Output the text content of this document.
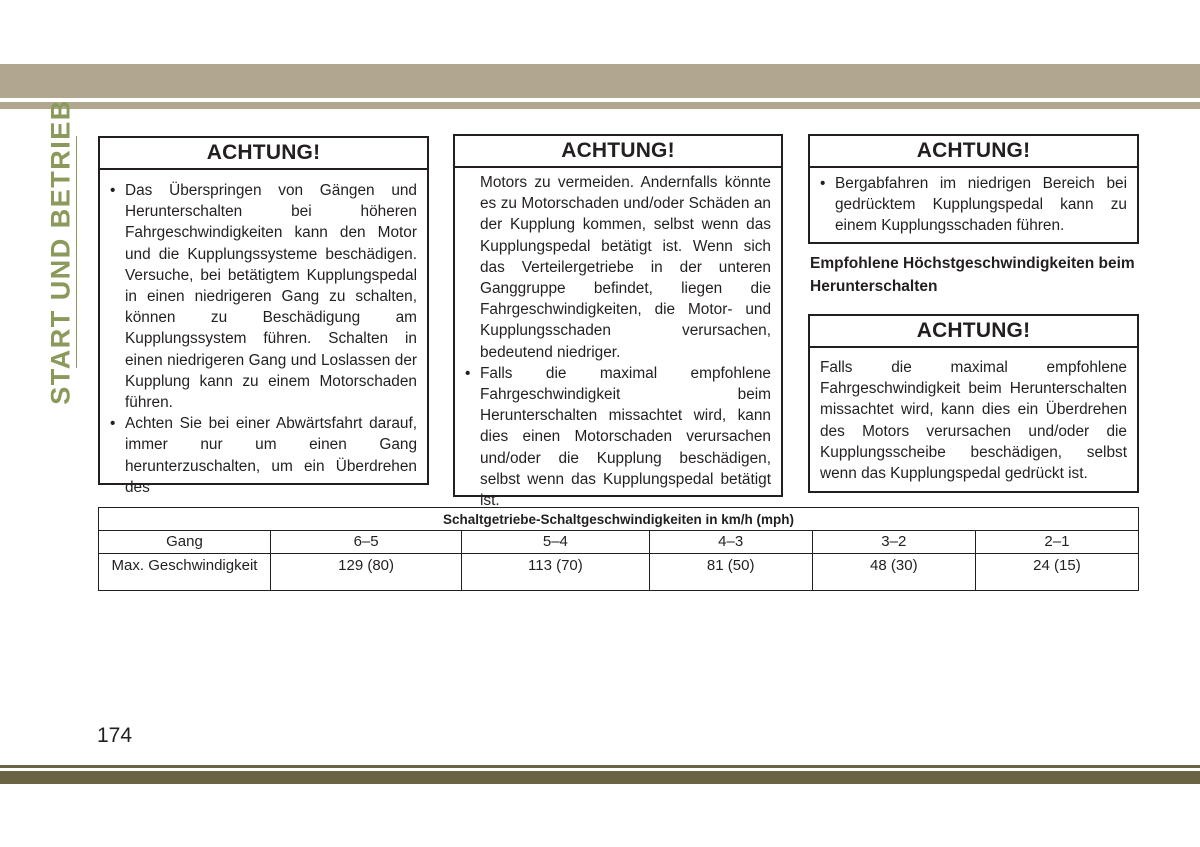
START UND BETRIEB	ACHTUNG!
• Das Überspringen von Gängen und Herunterschalten bei höheren Fahrgeschwindigkeiten kann den Motor und die Kupplungssysteme beschädigen. Versuche, bei betätigtem Kupplungspedal in einen niedrigeren Gang zu schalten, können zu Beschädigung am Kupplungssystem führen. Schalten in einen niedrigeren Gang und Loslassen der Kupplung kann zu einem Motorschaden führen.
• Achten Sie bei einer Abwärtsfahrt darauf, immer nur um einen Gang herunterzuschalten, um ein Überdrehen des
ACHTUNG!
Motors zu vermeiden. Andernfalls könnte es zu Motorschaden und/oder Schäden an der Kupplung kommen, selbst wenn das Kupplungspedal betätigt ist. Wenn sich das Verteilergetriebe in der unteren Ganggruppe befindet, liegen die Fahrgeschwindigkeiten, die Motor- und Kupplungsschaden verursachen, bedeutend niedriger.
• Falls die maximal empfohlene Fahrgeschwindigkeit beim Herunterschalten missachtet wird, kann dies einen Motorschaden verursachen und/oder die Kupplung beschädigen, selbst wenn das Kupplungspedal betätigt ist.
ACHTUNG!
• Bergabfahren im niedrigen Bereich bei gedrücktem Kupplungspedal kann zu einem Kupplungsschaden führen.
Empfohlene Höchstgeschwindigkeiten beim Herunterschalten
ACHTUNG!
Falls die maximal empfohlene Fahrgeschwindigkeit beim Herunterschalten missachtet wird, kann dies ein Überdrehen des Motors verursachen und/oder die Kupplungsscheibe beschädigen, selbst wenn das Kupplungspedal gedrückt ist.
Schaltgetriebe-Schaltgeschwindigkeiten in km/h (mph)					
Gang	6–5	5–4	4–3	3–2	2–1
Max. Geschwindigkeit	129 (80)	113 (70)	81 (50)	48 (30)	24 (15)
174
